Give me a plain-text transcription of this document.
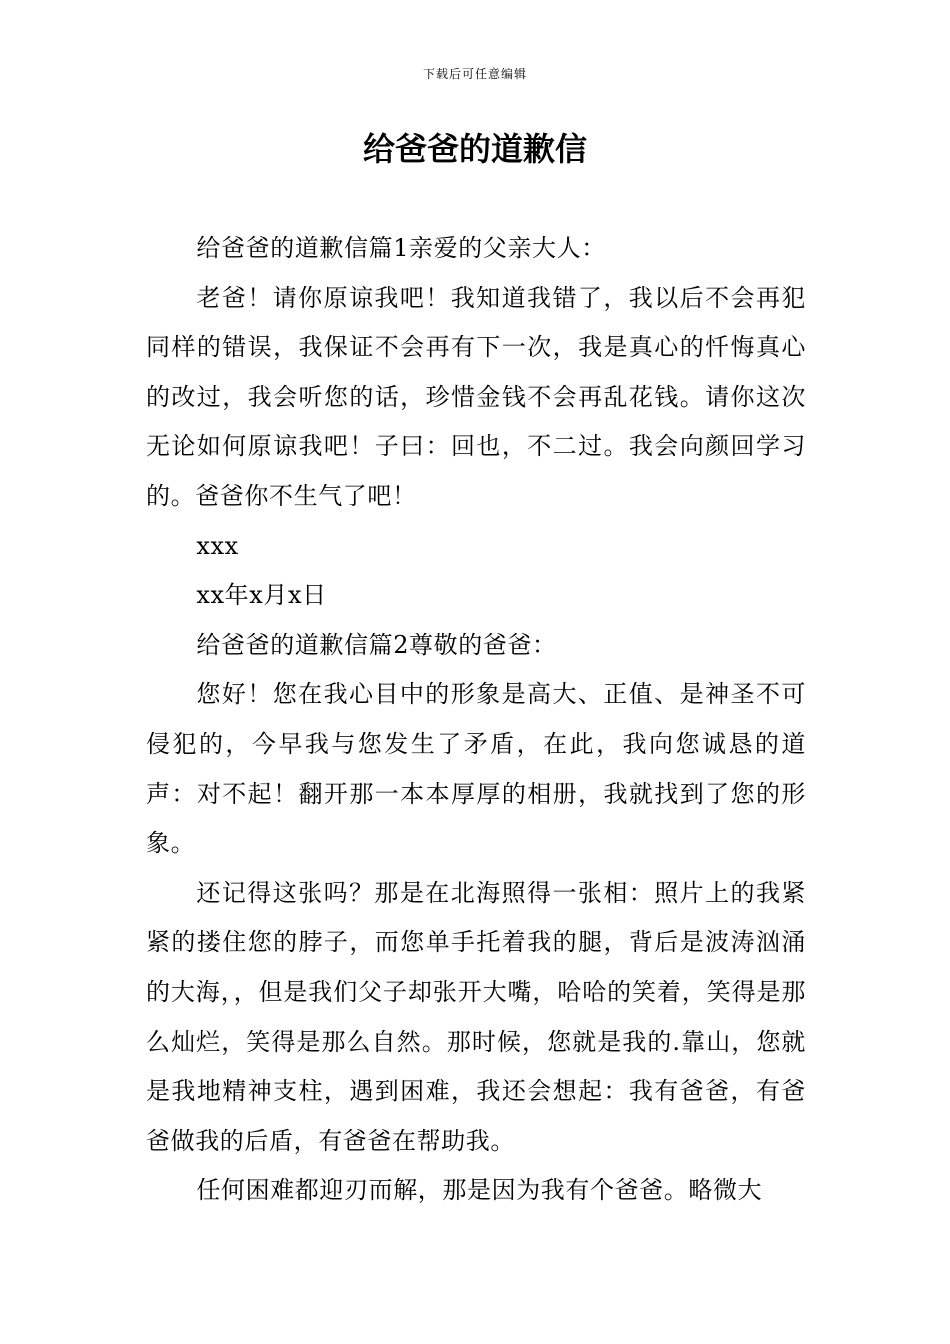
下载后可任意编辑
给爸爸的道歉信

给爸爸的道歉信篇1亲爱的父亲大人：

老爸！请你原谅我吧！我知道我错了，我以后不会再犯同样的错误，我保证不会再有下一次，我是真心的忏悔真心的改过，我会听您的话，珍惜金钱不会再乱花钱。请你这次无论如何原谅我吧！子曰：回也，不二过。我会向颜回学习的。爸爸你不生气了吧！

xxx

xx年x月x日

给爸爸的道歉信篇2尊敬的爸爸：

您好！您在我心目中的形象是高大、正值、是神圣不可侵犯的，今早我与您发生了矛盾，在此，我向您诚恳的道声：对不起！翻开那一本本厚厚的相册，我就找到了您的形象。

还记得这张吗？那是在北海照得一张相：照片上的我紧紧的搂住您的脖子，而您单手托着我的腿，背后是波涛汹涌的大海，，但是我们父子却张开大嘴，哈哈的笑着，笑得是那么灿烂，笑得是那么自然。那时候，您就是我的.靠山，您就是我地精神支柱，遇到困难，我还会想起：我有爸爸，有爸爸做我的后盾，有爸爸在帮助我。

任何困难都迎刃而解，那是因为我有个爸爸。略微大
